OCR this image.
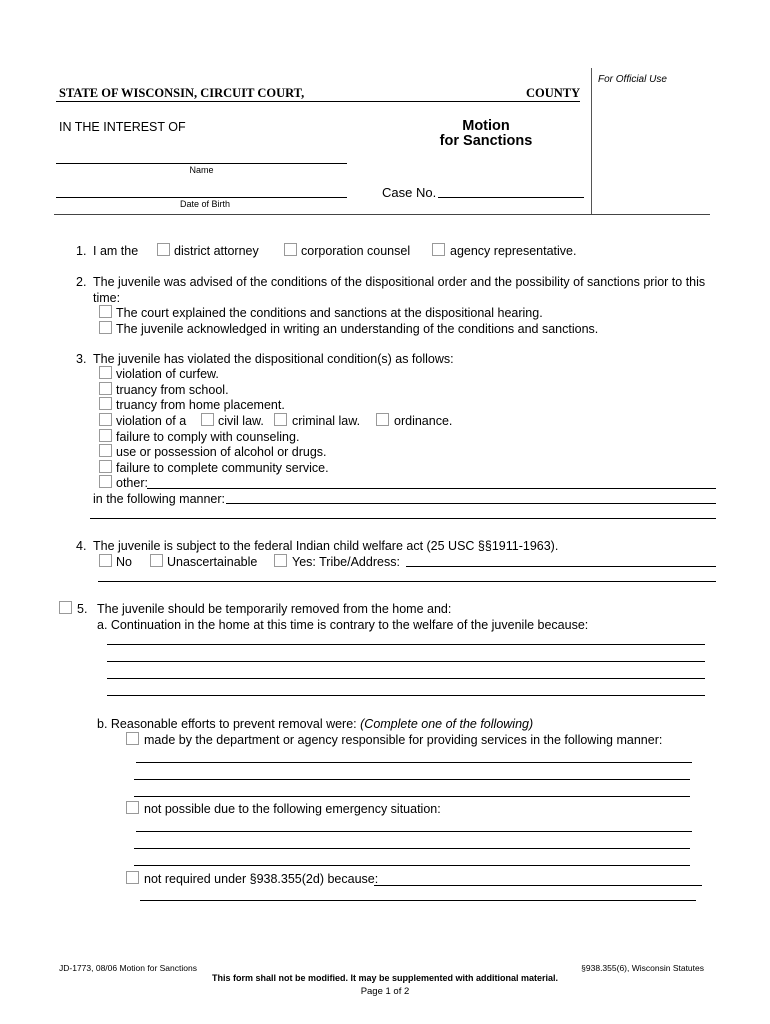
For Official Use
STATE OF WISCONSIN, CIRCUIT COURT,	COUNTY
IN THE INTEREST OF	Motion
for Sanctions
Name
Case No.
Date of Birth
1. I am the	district attorney	corporation counsel	agency representative.
2. The juvenile was advised of the conditions of the dispositional order and the possibility of sanctions prior to this
time:
The court explained the conditions and sanctions at the dispositional hearing.
The juvenile acknowledged in writing an understanding of the conditions and sanctions.
3. The juvenile has violated the dispositional condition(s) as follows:
violation of curfew.
truancy from school.
truancy from home placement.
violation of a	civil law. criminal law.	ordinance.
failure to comply with counseling.
use or possession of alcohol or drugs.
failure to complete community service.
other:
in the following manner:
4. The juvenile is subject to the federal Indian child welfare act (25 USC §§1911-1963).
No	Unascertainable	Yes: Tribe/Address:
5. The juvenile should be temporarily removed from the home and:
a. Continuation in the home at this time is contrary to the welfare of the juvenile because:
b. Reasonable efforts to prevent removal were: (Complete one of the following)
made by the department or agency responsible for providing services in the following manner:
not possible due to the following emergency situation:
not required under §938.355(2d) because:
JD-1773, 08/06 Motion for Sanctions	§938.355(6), Wisconsin Statutes
This form shall not be modified. It may be supplemented with additional material.
Page 1 of 2
